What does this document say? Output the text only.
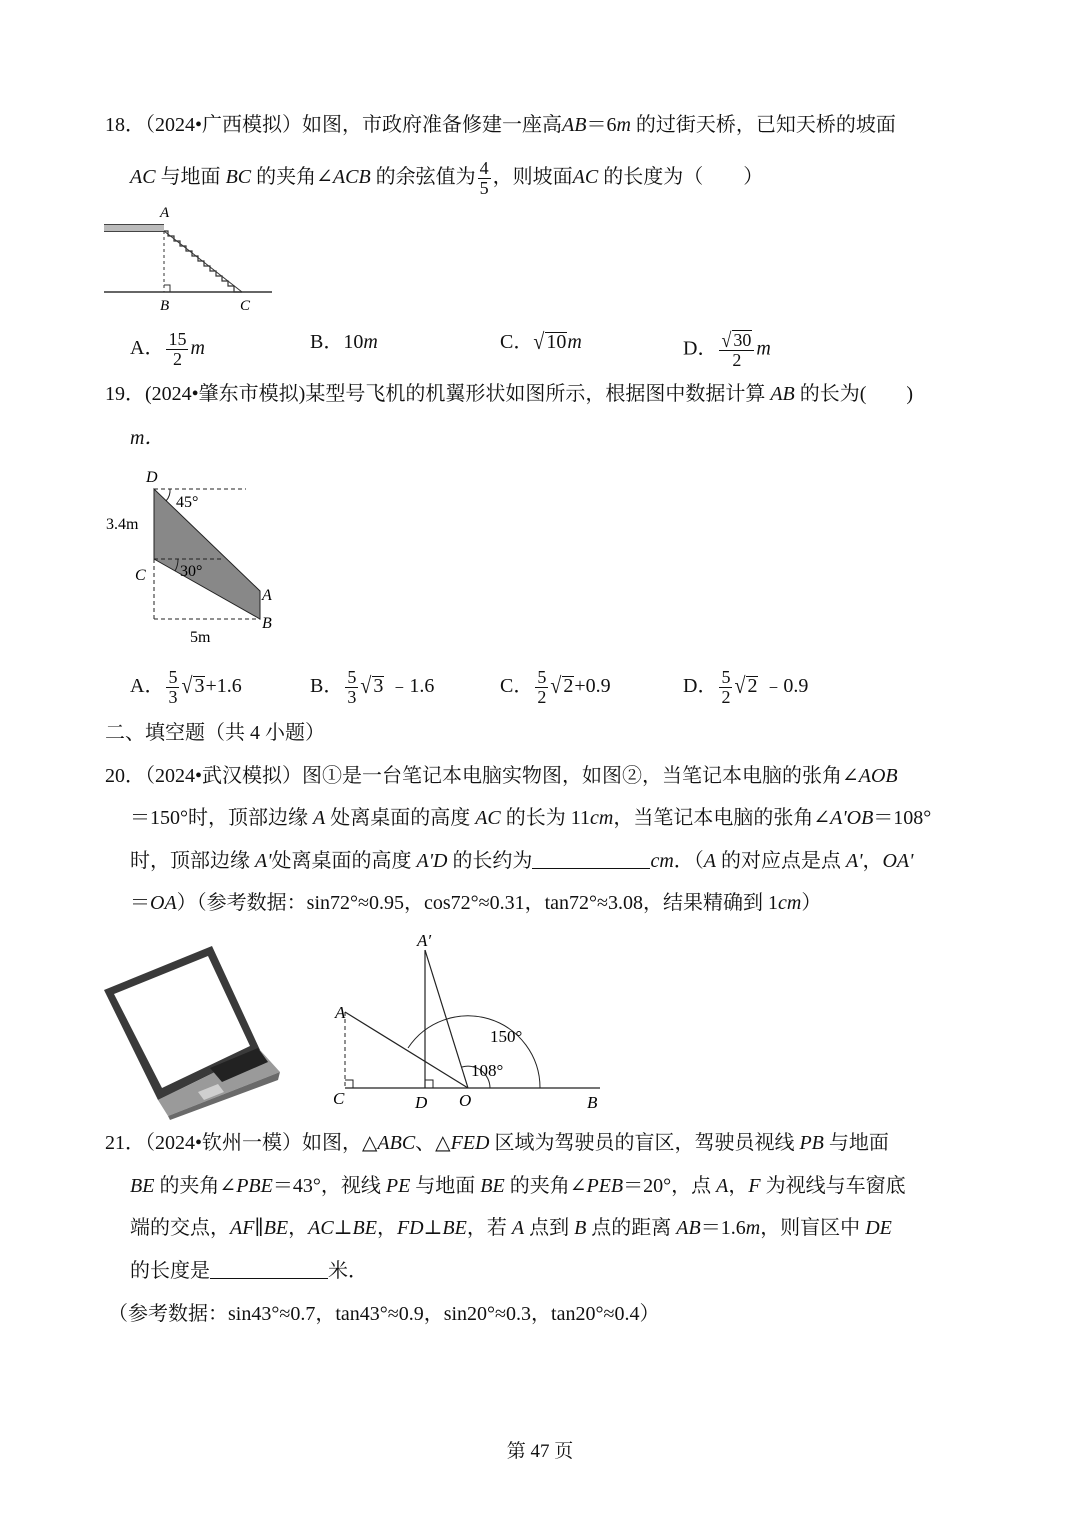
18．（2024•广西模拟）如图，市政府准备修建一座高AB＝6m 的过街天桥，已知天桥的坡面
AC 与地面 BC 的夹角∠ACB 的余弦值为 $\frac{4}{5}$ ，则坡面AC 的长度为（　　）
A
B	C
A． $\frac{15}{2}$ m	B．10m	C．√ 10m	D． $\frac{√ 30}{2}$ m
19．(2024•肇东市模拟)某型号飞机的机翼形状如图所示，根据图中数据计算 AB 的长为(　　)
m．
D
45°
3.4m
C 30°
A
B
5m
A． $\frac{5}{3}$ √ 3+1.6	B． $\frac{5}{3}$ √ 3 ﹣1.6	C． $\frac{5}{2}$ √ 2+0.9	D． $\frac{5}{2}$ √ 2 ﹣0.9
二、填空题（共 4 小题）
20．（2024•武汉模拟）图①是一台笔记本电脑实物图，如图②，当笔记本电脑的张角∠AOB
＝150°时，顶部边缘 A 处离桌面的高度 AC 的长为 11cm，当笔记本电脑的张角∠A'OB＝108°
时，顶部边缘 A'处离桌面的高度 A'D 的长约为	cm．（A 的对应点是点 A'，OA'
＝OA）（参考数据：sin72°≈0.95，cos72°≈0.31，tan72°≈3.08，结果精确到 1cm）
A′
A
C	D O	B
150°
108°
21．（2024•钦州一模）如图，△ABC、△FED 区域为驾驶员的盲区，驾驶员视线 PB 与地面
BE 的夹角∠PBE＝43°，视线 PE 与地面 BE 的夹角∠PEB＝20°，点 A，F 为视线与车窗底
端的交点，AF∥BE，AC⊥BE，FD⊥BE，若 A 点到 B 点的距离 AB＝1.6m，则盲区中 DE
的长度是	米．
（参考数据：sin43°≈0.7，tan43°≈0.9，sin20°≈0.3，tan20°≈0.4）
第 47 页
